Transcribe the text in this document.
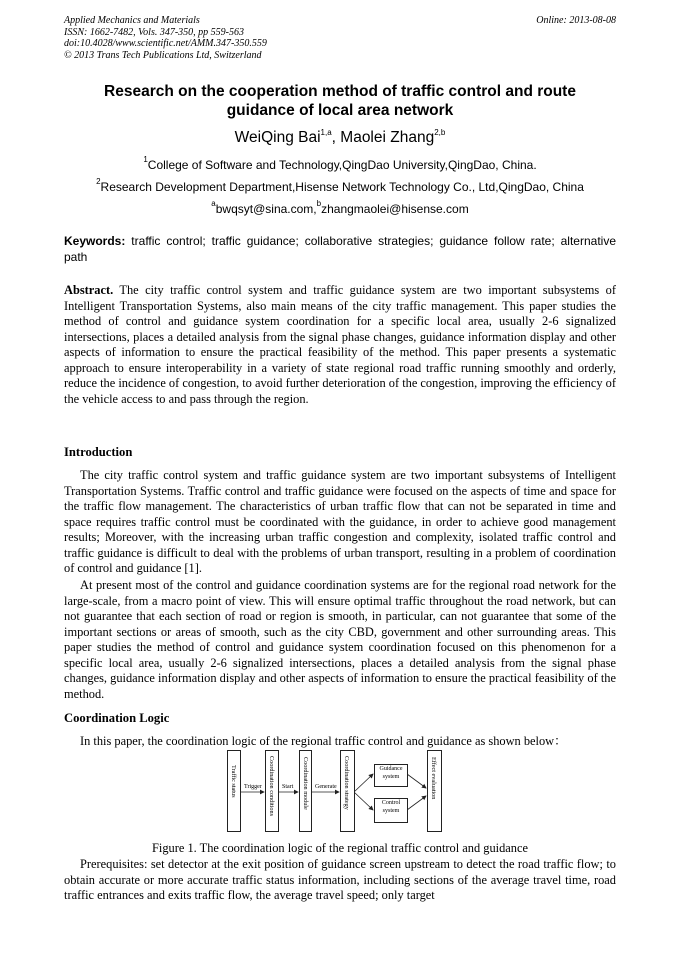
Applied Mechanics and Materials
ISSN: 1662-7482, Vols. 347-350, pp 559-563
doi:10.4028/www.scientific.net/AMM.347-350.559
© 2013 Trans Tech Publications Ltd, Switzerland
Online: 2013-08-08
Research on the cooperation method of traffic control and route
guidance of local area network
WeiQing Bai$^{1,a}$, Maolei Zhang$^{2,b}$
$^1$College of Software and Technology,QingDao University,QingDao, China.
$^2$Research Development Department,Hisense Network Technology Co., Ltd,QingDao, China
$^a$bwqsyt@sina.com,$^b$zhangmaolei@hisense.com
Keywords: traffic control; traffic guidance; collaborative strategies; guidance follow rate; alternative path
Abstract. The city traffic control system and traffic guidance system are two important subsystems of Intelligent Transportation Systems, also main means of the city traffic management. This paper studies the method of control and guidance system coordination for a specific local area, usually 2-6 signalized intersections, places a detailed analysis from the signal phase changes, guidance information display and other aspects of information to ensure the practical feasibility of the method. This paper presents a systematic approach to ensure interoperability in a variety of state regional road traffic running smoothly and orderly, reduce the incidence of congestion, to avoid further deterioration of the congestion, improving the efficiency of the vehicle access to and pass through the region.
Introduction
The city traffic control system and traffic guidance system are two important subsystems of Intelligent Transportation Systems. Traffic control and traffic guidance were focused on the aspects of time and space for the traffic flow management. The characteristics of urban traffic flow that can not be separated in time and space requires traffic control must be coordinated with the guidance, in order to achieve good management results; Moreover, with the increasing urban traffic congestion and complexity, isolated traffic control and traffic guidance is difficult to deal with the problems of urban transport, resulting in a problem of coordination of control and guidance [1].
At present most of the control and guidance coordination systems are for the regional road network for the large-scale, from a macro point of view. This will ensure optimal traffic throughout the road network, but can not guarantee that each section of road or region is smooth, in particular, can not guarantee that some of the important sections or areas of smooth, such as the city CBD, government and other surrounding areas. This paper studies the method of control and guidance system coordination focused on this phenomenon for a specific local area, usually 2-6 signalized intersections, places a detailed analysis from the signal phase changes, guidance information display and other aspects of information to ensure the practical feasibility of the method.
Coordination Logic
In this paper, the coordination logic of the regional traffic control and guidance as shown below：
Traffic status Trigger Coordination conditions Start Coordination module Generate Coordination strategy	Guidance system
Control system
Effect evaluation
Figure 1. The coordination logic of the regional traffic control and guidance
Prerequisites: set detector at the exit position of guidance screen upstream to detect the road traffic flow; to obtain accurate or more accurate traffic status information, including sections of the average travel time, road traffic entrances and exits traffic flow, the average travel speed; only target
